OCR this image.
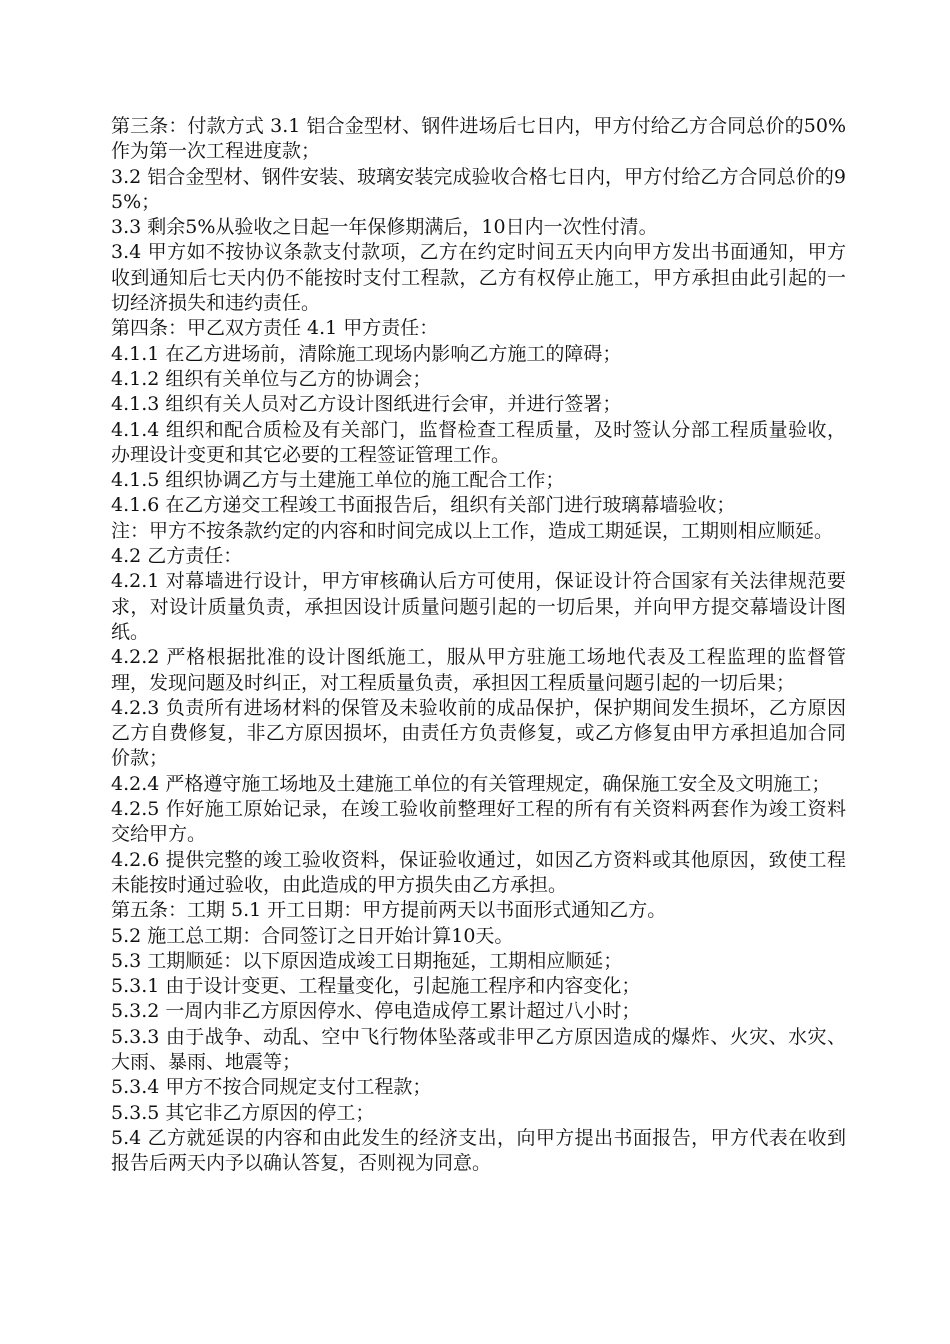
第三条：付款方式 3.1 铝合金型材、钢件进场后七日内，甲方付给乙方合同总价的50%作为第一次工程进度款；

3.2 铝合金型材、钢件安装、玻璃安装完成验收合格七日内，甲方付给乙方合同总价的95%；

3.3 剩余5%从验收之日起一年保修期满后，10日内一次性付清。

3.4 甲方如不按协议条款支付款项，乙方在约定时间五天内向甲方发出书面通知，甲方收到通知后七天内仍不能按时支付工程款，乙方有权停止施工，甲方承担由此引起的一切经济损失和违约责任。

第四条：甲乙双方责任 4.1 甲方责任：

4.1.1 在乙方进场前，清除施工现场内影响乙方施工的障碍；

4.1.2 组织有关单位与乙方的协调会；

4.1.3 组织有关人员对乙方设计图纸进行会审，并进行签署；

4.1.4 组织和配合质检及有关部门，监督检查工程质量，及时签认分部工程质量验收，办理设计变更和其它必要的工程签证管理工作。

4.1.5 组织协调乙方与土建施工单位的施工配合工作；

4.1.6 在乙方递交工程竣工书面报告后，组织有关部门进行玻璃幕墙验收；

注：甲方不按条款约定的内容和时间完成以上工作，造成工期延误，工期则相应顺延。

4.2 乙方责任：

4.2.1 对幕墙进行设计，甲方审核确认后方可使用，保证设计符合国家有关法律规范要求，对设计质量负责，承担因设计质量问题引起的一切后果，并向甲方提交幕墙设计图纸。

4.2.2 严格根据批准的设计图纸施工，服从甲方驻施工场地代表及工程监理的监督管理，发现问题及时纠正，对工程质量负责，承担因工程质量问题引起的一切后果；

4.2.3 负责所有进场材料的保管及未验收前的成品保护，保护期间发生损坏，乙方原因乙方自费修复，非乙方原因损坏，由责任方负责修复，或乙方修复由甲方承担追加合同价款；

4.2.4 严格遵守施工场地及土建施工单位的有关管理规定，确保施工安全及文明施工；

4.2.5 作好施工原始记录，在竣工验收前整理好工程的所有有关资料两套作为竣工资料交给甲方。

4.2.6 提供完整的竣工验收资料，保证验收通过，如因乙方资料或其他原因，致使工程未能按时通过验收，由此造成的甲方损失由乙方承担。

第五条：工期 5.1 开工日期：甲方提前两天以书面形式通知乙方。

5.2 施工总工期：合同签订之日开始计算10天。

5.3 工期顺延：以下原因造成竣工日期拖延，工期相应顺延；

5.3.1 由于设计变更、工程量变化，引起施工程序和内容变化；

5.3.2 一周内非乙方原因停水、停电造成停工累计超过八小时；

5.3.3 由于战争、动乱、空中飞行物体坠落或非甲乙方原因造成的爆炸、火灾、水灾、大雨、暴雨、地震等；

5.3.4 甲方不按合同规定支付工程款；

5.3.5 其它非乙方原因的停工；

5.4 乙方就延误的内容和由此发生的经济支出，向甲方提出书面报告，甲方代表在收到报告后两天内予以确认答复，否则视为同意。
